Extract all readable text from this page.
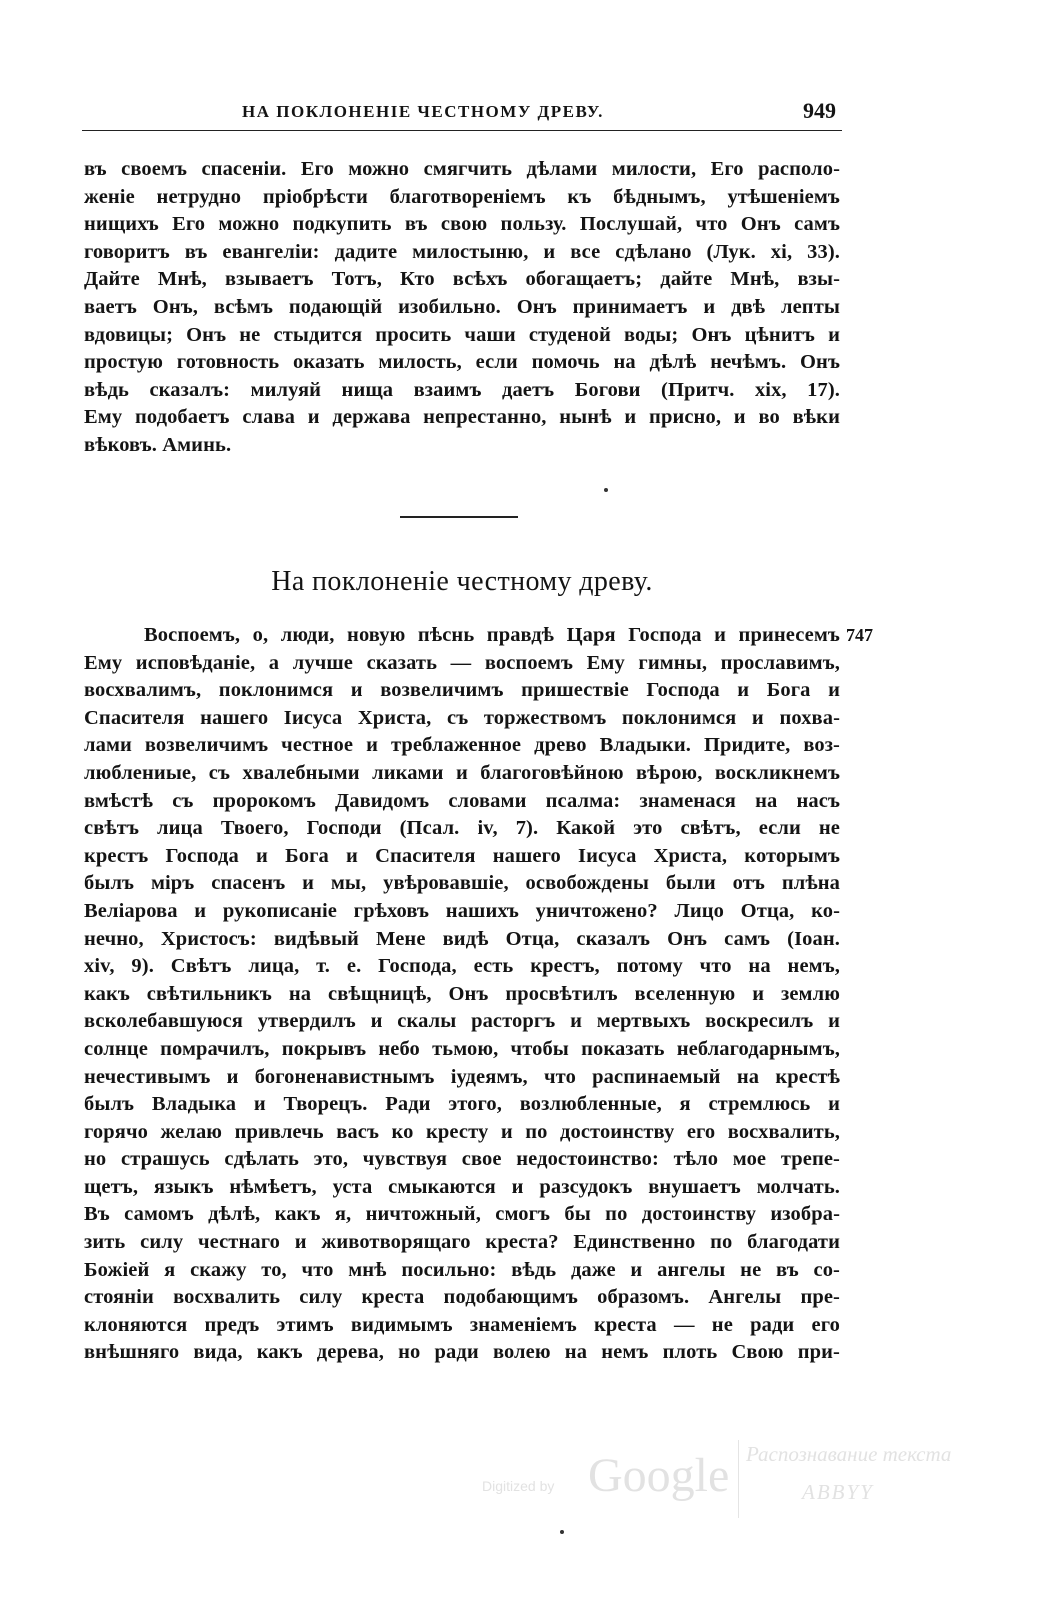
НА ПОКЛОНЕНІЕ ЧЕСТНОМУ ДРЕВУ.	949
въ своемъ спасеніи. Его можно смягчить дѣлами милости, Его располо-
женіе нетрудно пріобрѣсти благотвореніемъ къ бѣднымъ, утѣшеніемъ
нищихъ Его можно подкупить въ свою пользу. Послушай, что Онъ самъ
говоритъ въ евангеліи: дадите милостыню, и все сдѣлано (Лук. xi, 33).
Дайте Мнѣ, взываетъ Тотъ, Кто всѣхъ обогащаетъ; дайте Мнѣ, взы-
ваетъ Онъ, всѣмъ подающій изобильно. Онъ принимаетъ и двѣ лепты
вдовицы; Онъ не стыдится просить чаши студеной воды; Онъ цѣнитъ и
простую готовность оказать милость, если помочь на дѣлѣ нечѣмъ. Онъ
вѣдь сказалъ: милуяй нища взаимъ даетъ Богови (Притч. xix, 17).
Ему подобаетъ слава и держава непрестанно, нынѣ и присно, и во вѣки
вѣковъ. Аминь.
На поклоненіе честному древу.
747
Воспоемъ, о, люди, новую пѣснь правдѣ Царя Господа и принесемъ
Ему исповѣданіе, а лучше сказать — воспоемъ Ему гимны, прославимъ,
восхвалимъ, поклонимся и возвеличимъ пришествіе Господа и Бога и
Спасителя нашего Іисуса Христа, съ торжествомъ поклонимся и похва-
лами возвеличимъ честное и треблаженное древо Владыки. Придите, воз-
люблениые, съ хвалебными ликами и благоговѣйною вѣрою, воскликнемъ
вмѣстѣ съ пророкомъ Давидомъ словами псалма: знаменася на насъ
свѣтъ лица Твоего, Господи (Псал. iv, 7). Какой это свѣтъ, если не
крестъ Господа и Бога и Спасителя нашего Іисуса Христа, которымъ
былъ міръ спасенъ и мы, увѣровавшіе, освобождены были отъ плѣна
Веліарова и рукописаніе грѣховъ нашихъ уничтожено? Лицо Отца, ко-
нечно, Христосъ: видѣвый Мене видѣ Отца, сказалъ Онъ самъ (Іоан.
xiv, 9). Свѣтъ лица, т. е. Господа, есть крестъ, потому что на немъ,
какъ свѣтильникъ на свѣщницѣ, Онъ просвѣтилъ вселенную и землю
всколебавшуюся утвердилъ и скалы расторгъ и мертвыхъ воскресилъ и
солнце помрачилъ, покрывъ небо тьмою, чтобы показать неблагодарнымъ,
нечестивымъ и богоненавистнымъ іудеямъ, что распинаемый на крестѣ
былъ Владыка и Творецъ. Ради этого, возлюбленные, я стремлюсь и
горячо желаю привлечь васъ ко кресту и по достоинству его восхвалить,
но страшусь сдѣлать это, чувствуя свое недостоинство: тѣло мое трепе-
щетъ, языкъ нѣмѣетъ, уста смыкаются и разсудокъ внушаетъ молчать.
Въ самомъ дѣлѣ, какъ я, ничтожный, смогъ бы по достоинству изобра-
зить силу честнаго и животворящаго креста? Единственно по благодати
Божіей я скажу то, что мнѣ посильно: вѣдь даже и ангелы не въ со-
стояніи восхвалить силу креста подобающимъ образомъ. Ангелы пре-
клоняются предъ этимъ видимымъ знаменіемъ креста — не ради его
внѣшняго вида, какъ дерева, но ради волею на немъ плоть Свою при-
Digitized by Google Распознавание текста
ABBYY
